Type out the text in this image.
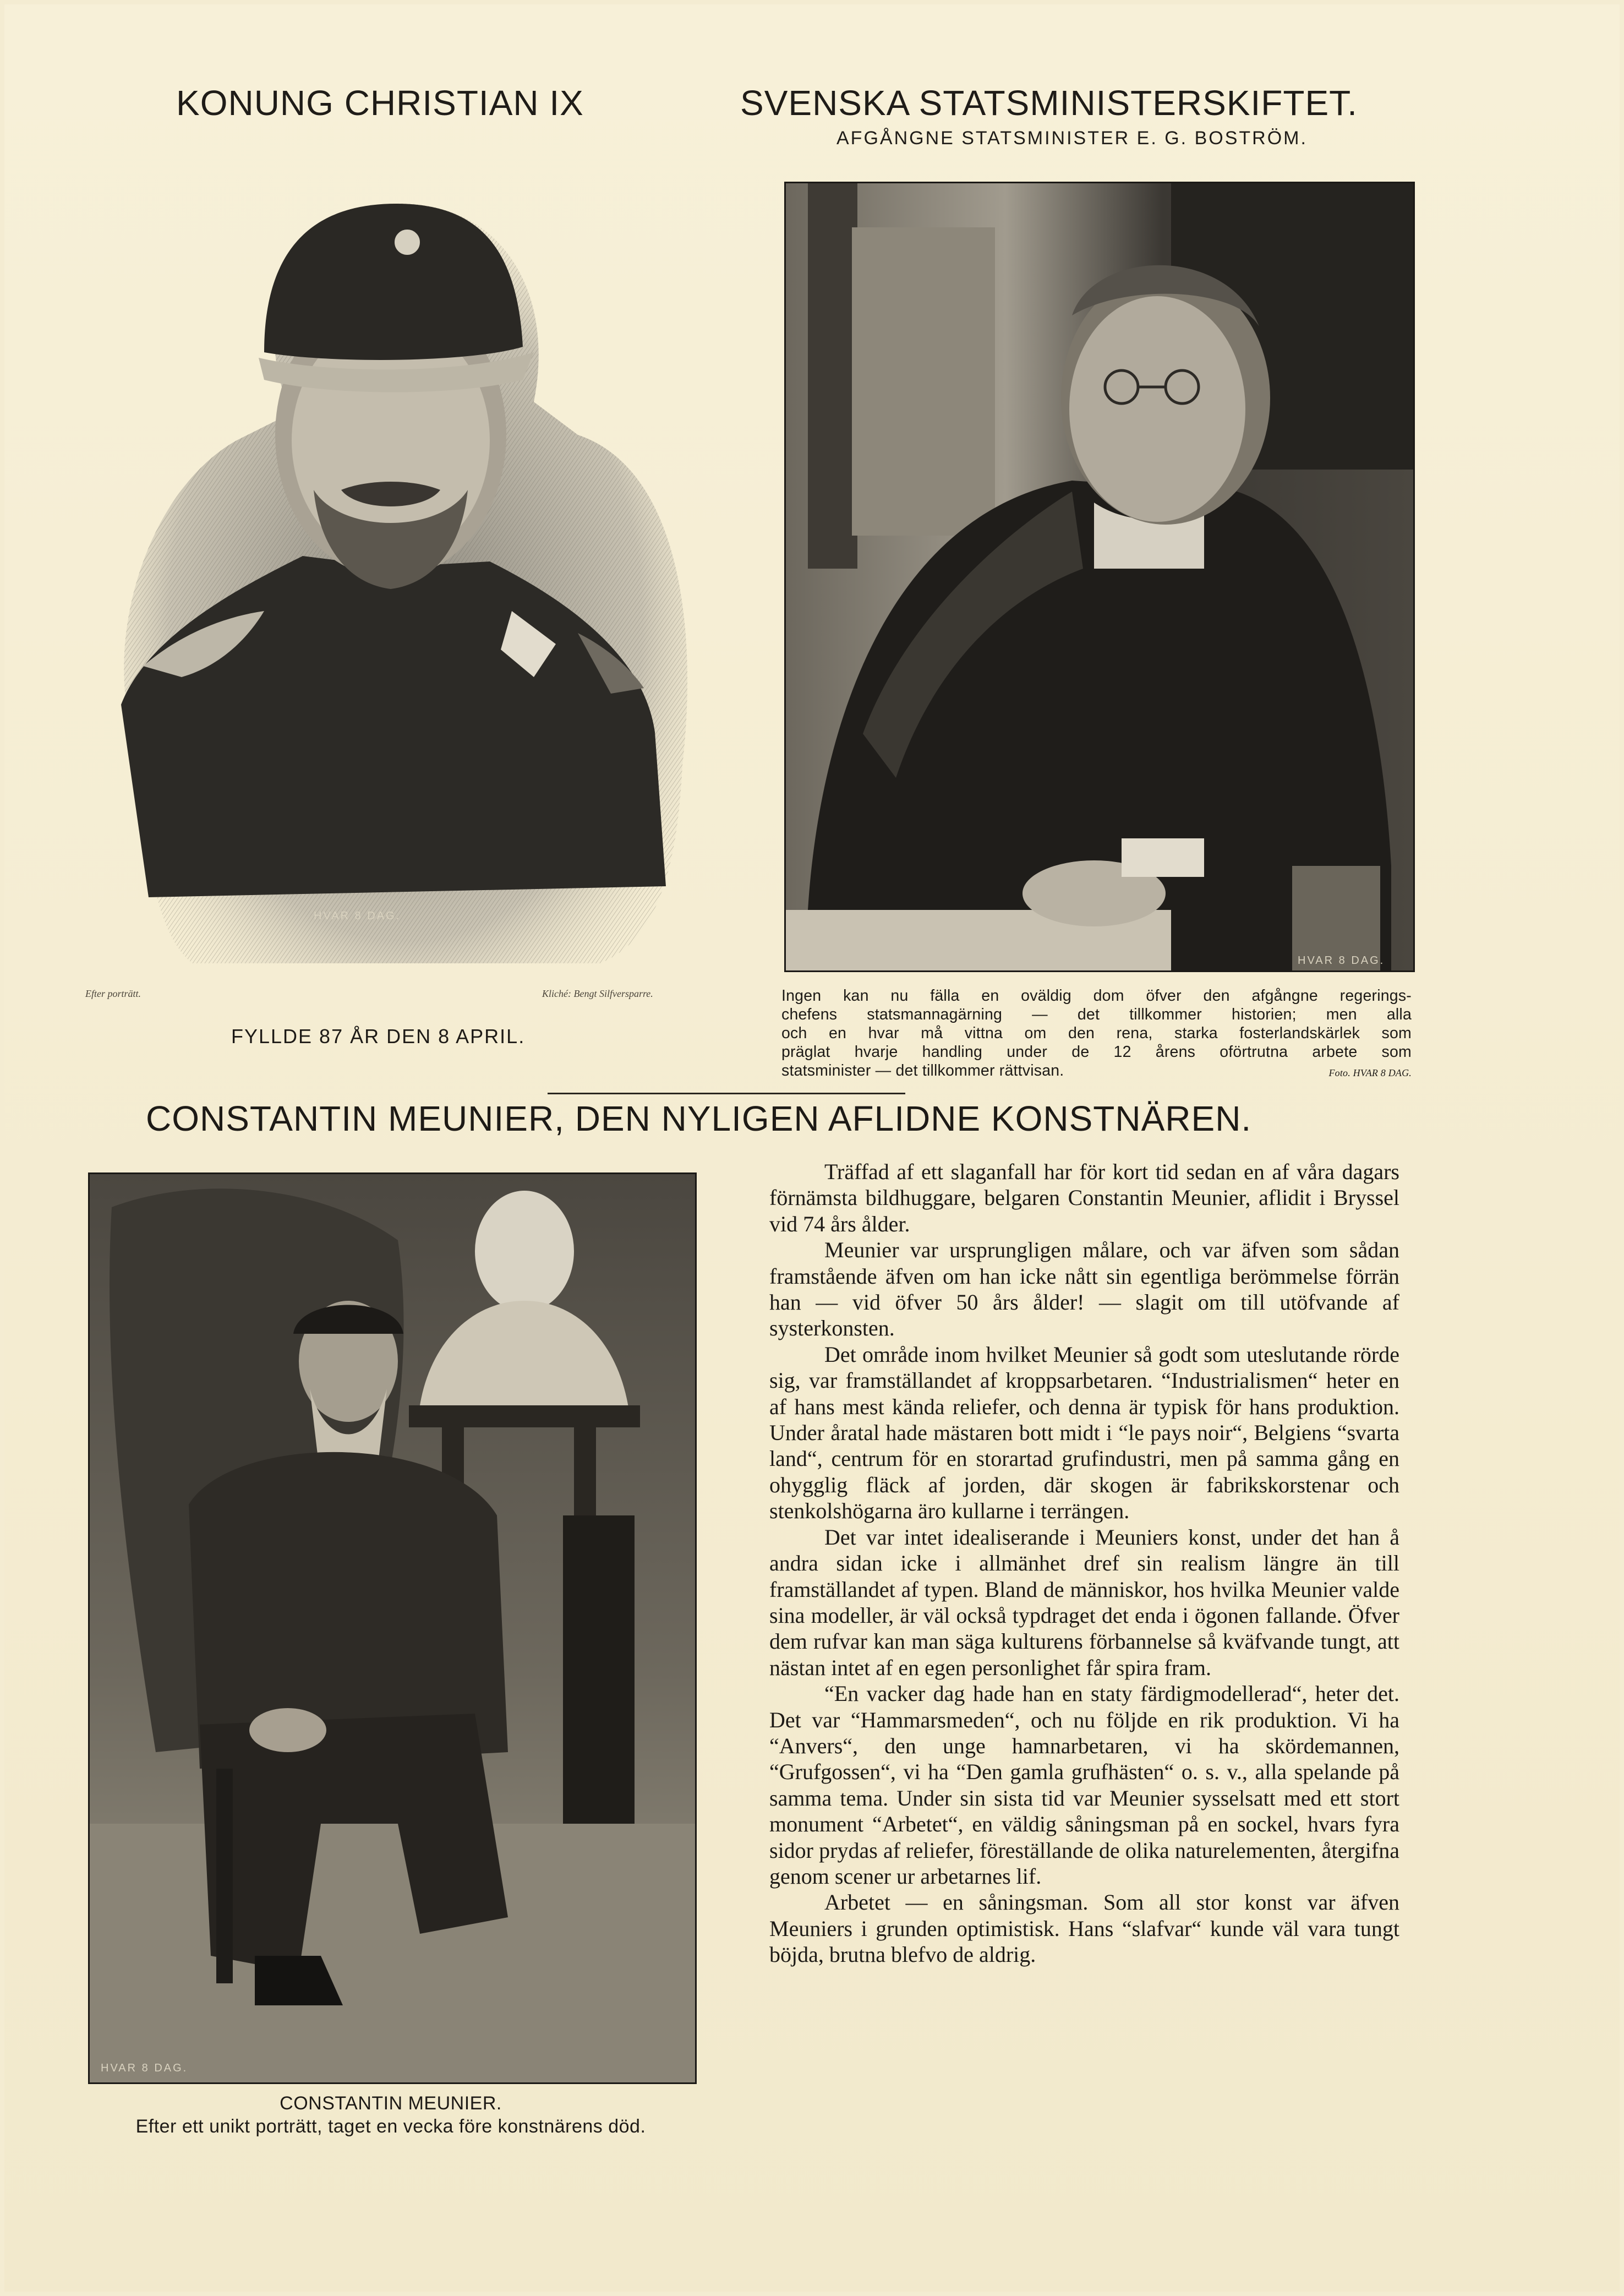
KONUNG CHRISTIAN IX	SVENSKA STATSMINISTERSKIFTET.
AFGÅNGNE STATSMINISTER E. G. BOSTRÖM.
HVAR 8 DAG.
Efter porträtt.	Kliché: Bengt Silfversparre.
FYLLDE 87 ÅR DEN 8 APRIL.
HVAR 8 DAG.
Ingen kan nu fälla en oväldig dom öfver den afgångne regerings-
chefens statsmannagärning — det tillkommer historien; men alla
och en hvar må vittna om den rena, starka fosterlandskärlek som
präglat hvarje handling under de 12 årens oförtrutna arbete som
statsminister — det tillkommer rättvisan.	Foto. HVAR 8 DAG.
CONSTANTIN MEUNIER, DEN NYLIGEN AFLIDNE KONSTNÄREN.
HVAR 8 DAG.
CONSTANTIN MEUNIER.
Efter ett unikt porträtt, taget en vecka före konstnärens död.

Träffad af ett slaganfall har för kort tid sedan en af våra dagars förnämsta bildhuggare, belgaren Constantin Meunier, aflidit i Bryssel vid 74 års ålder.

Meunier var ursprungligen målare, och var äfven som sådan framstående äfven om han icke nått sin egentliga berömmelse förrän han — vid öfver 50 års ålder! — slagit om till utöfvande af systerkonsten.

Det område inom hvilket Meunier så godt som uteslutande rörde sig, var framställandet af kroppsarbetaren. “Industrialismen“ heter en af hans mest kända reliefer, och denna är typisk för hans produktion. Under åratal hade mästaren bott midt i “le pays noir“, Belgiens “svarta land“, centrum för en storartad grufindustri, men på samma gång en ohygglig fläck af jorden, där skogen är fabrikskorstenar och stenkolshögarna äro kullarne i terrängen.

Det var intet idealiserande i Meuniers konst, under det han å andra sidan icke i allmänhet dref sin realism längre än till framställandet af typen. Bland de människor, hos hvilka Meunier valde sina modeller, är väl också typdraget det enda i ögonen fallande. Öfver dem rufvar kan man säga kulturens förbannelse så kväfvande tungt, att nästan intet af en egen personlighet får spira fram.

“En vacker dag hade han en staty färdigmodellerad“, heter det. Det var “Hammarsmeden“, och nu följde en rik produktion. Vi ha “Anvers“, den unge hamnarbetaren, vi ha skördemannen, “Grufgossen“, vi ha “Den gamla grufhästen“ o. s. v., alla spelande på samma tema. Under sin sista tid var Meunier sysselsatt med ett stort monument “Arbetet“, en väldig såningsman på en sockel, hvars fyra sidor prydas af reliefer, föreställande de olika naturelementen, återgifna genom scener ur arbetarnes lif.

Arbetet — en såningsman. Som all stor konst var äfven Meuniers i grunden optimistisk. Hans “slafvar“ kunde väl vara tungt böjda, brutna blefvo de aldrig.
